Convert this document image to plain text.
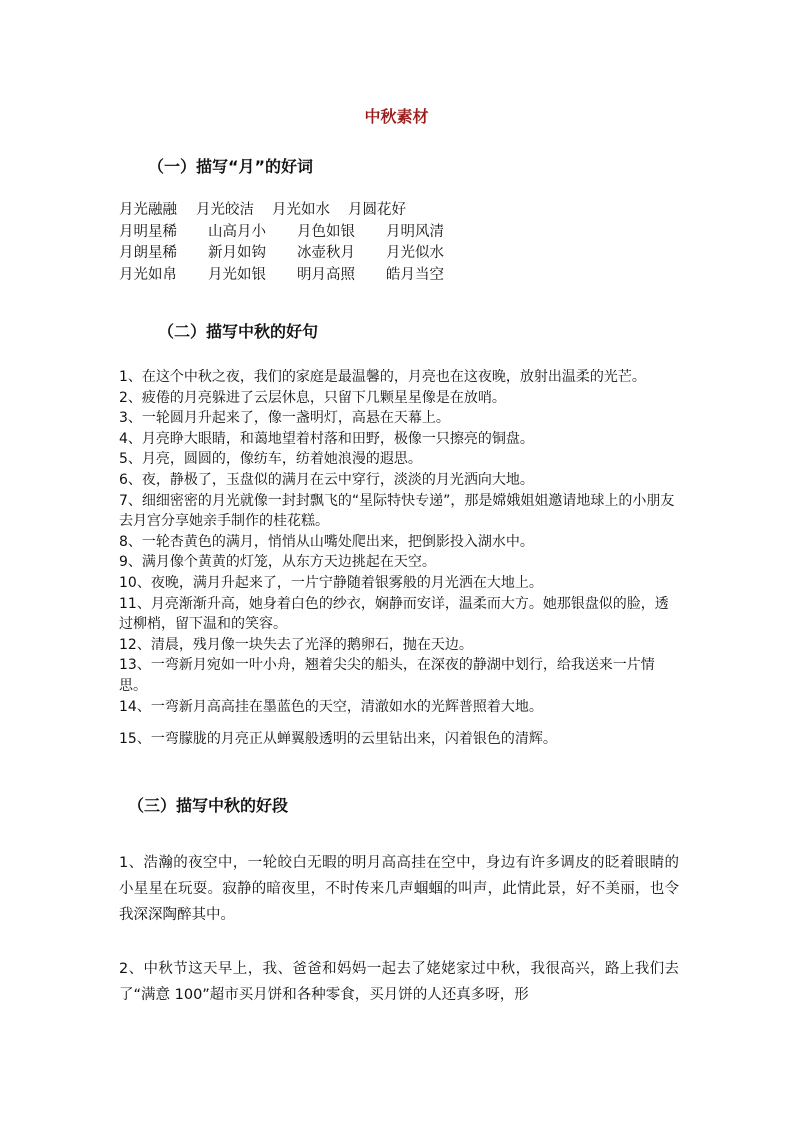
中秋素材
（一）描写“月”的好词
月光融融 月光皎洁 月光如水 月圆花好
月明星稀 山高月小 月色如银 月明风清
月朗星稀 新月如钩 冰壶秋月 月光似水
月光如帛 月光如银 明月高照 皓月当空
（二）描写中秋的好句

1、在这个中秋之夜，我们的家庭是最温馨的，月亮也在这夜晚，放射出温柔的光芒。

2、疲倦的月亮躲进了云层休息，只留下几颗星星像是在放哨。

3、一轮圆月升起来了，像一盏明灯，高悬在天幕上。

4、月亮睁大眼睛，和蔼地望着村落和田野，极像一只擦亮的铜盘。

5、月亮，圆圆的，像纺车，纺着她浪漫的遐思。

6、夜，静极了，玉盘似的满月在云中穿行，淡淡的月光洒向大地。

7、细细密密的月光就像一封封飘飞的“星际特快专递”，那是嫦娥姐姐邀请地球上的小朋友去月宫分享她亲手制作的桂花糕。

8、一轮杏黄色的满月，悄悄从山嘴处爬出来，把倒影投入湖水中。

9、满月像个黄黄的灯笼，从东方天边挑起在天空。

10、夜晚，满月升起来了，一片宁静随着银雾般的月光洒在大地上。

11、月亮渐渐升高，她身着白色的纱衣，娴静而安详，温柔而大方。她那银盘似的脸，透过柳梢，留下温和的笑容。

12、清晨，残月像一块失去了光泽的鹅卵石，抛在天边。

13、一弯新月宛如一叶小舟，翘着尖尖的船头，在深夜的静湖中划行，给我送来一片情思。

14、一弯新月高高挂在墨蓝色的天空，清澈如水的光辉普照着大地。

15、一弯朦胧的月亮正从蝉翼般透明的云里钻出来，闪着银色的清辉。

（三）描写中秋的好段

1、浩瀚的夜空中，一轮皎白无暇的明月高高挂在空中，身边有许多调皮的眨着眼睛的小星星在玩耍。寂静的暗夜里，不时传来几声蝈蝈的叫声，此情此景，好不美丽，也令我深深陶醉其中。

2、中秋节这天早上，我、爸爸和妈妈一起去了姥姥家过中秋，我很高兴，路上我们去了“满意 100”超市买月饼和各种零食，买月饼的人还真多呀，形
